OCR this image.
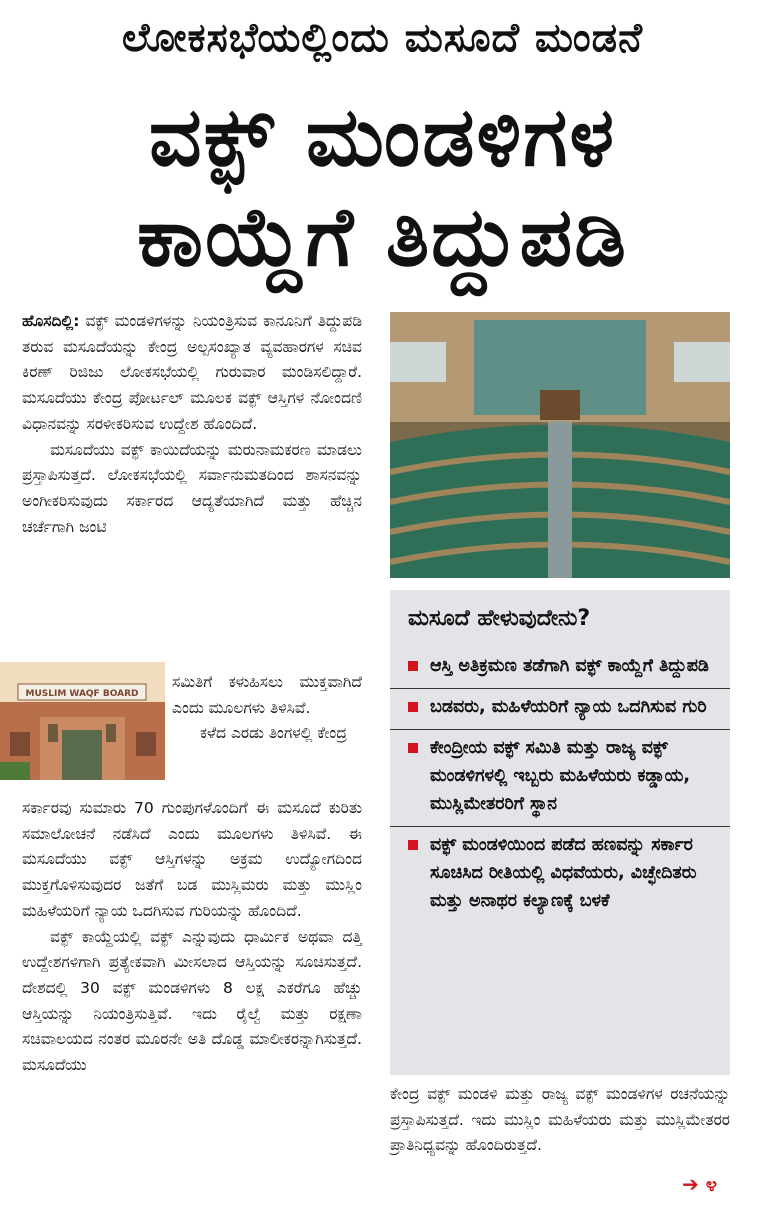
ಲೋಕಸಭೆಯಲ್ಲಿಂದು ಮಸೂದೆ ಮಂಡನೆ
ವಕ್ಫ್ ಮಂಡಳಿಗಳ
ಕಾಯ್ದೆಗೆ ತಿದ್ದುಪಡಿ

ಹೊಸದಿಲ್ಲಿ: ವಕ್ಫ್ ಮಂಡಳಿಗಳನ್ನು ನಿಯಂತ್ರಿಸುವ ಕಾನೂನಿಗೆ ತಿದ್ದುಪಡಿ ತರುವ ಮಸೂದೆಯನ್ನು ಕೇಂದ್ರ ಅಲ್ಪಸಂಖ್ಯಾತ ವ್ಯವಹಾರಗಳ ಸಚಿವ ಕಿರಣ್ ರಿಜಿಜು ಲೋಕಸಭೆಯಲ್ಲಿ ಗುರುವಾರ ಮಂಡಿಸಲಿದ್ದಾರೆ. ಮಸೂದೆಯು ಕೇಂದ್ರ ಪೋರ್ಟಲ್ ಮೂಲಕ ವಕ್ಫ್ ಆಸ್ತಿಗಳ ನೋಂದಣಿ ವಿಧಾನವನ್ನು ಸರಳೀಕರಿಸುವ ಉದ್ದೇಶ ಹೊಂದಿದೆ.

ಮಸೂದೆಯು ವಕ್ಫ್ ಕಾಯಿದೆಯನ್ನು ಮರುನಾಮಕರಣ ಮಾಡಲು ಪ್ರಸ್ತಾಪಿಸುತ್ತದೆ. ಲೋಕಸಭೆಯಲ್ಲಿ ಸರ್ವಾನುಮತದಿಂದ ಶಾಸನವನ್ನು ಅಂಗೀಕರಿಸುವುದು ಸರ್ಕಾರದ ಆದ್ಯತೆಯಾಗಿದೆ ಮತ್ತು ಹೆಚ್ಚಿನ ಚರ್ಚೆಗಾಗಿ ಜಂಟಿ

MUSLIM WAQF BOARD

ಸಮಿತಿಗೆ ಕಳುಹಿಸಲು ಮುಕ್ತವಾಗಿದೆ ಎಂದು ಮೂಲಗಳು ತಿಳಿಸಿವೆ.

ಕಳೆದ ಎರಡು ತಿಂಗಳಲ್ಲಿ ಕೇಂದ್ರ

ಸರ್ಕಾರವು ಸುಮಾರು 70 ಗುಂಪುಗಳೊಂದಿಗೆ ಈ ಮಸೂದೆ ಕುರಿತು ಸಮಾಲೋಚನೆ ನಡೆಸಿದೆ ಎಂದು ಮೂಲಗಳು ತಿಳಿಸಿವೆ. ಈ ಮಸೂದೆಯು ವಕ್ಫ್ ಆಸ್ತಿಗಳನ್ನು ಅಕ್ರಮ ಉದ್ಯೋಗದಿಂದ ಮುಕ್ತಗೊಳಿಸುವುದರ ಜತೆಗೆ ಬಡ ಮುಸ್ಲಿಮರು ಮತ್ತು ಮುಸ್ಲಿಂ ಮಹಿಳೆಯರಿಗೆ ನ್ಯಾಯ ಒದಗಿಸುವ ಗುರಿಯನ್ನು ಹೊಂದಿದೆ.

ವಕ್ಫ್ ಕಾಯ್ದೆಯಲ್ಲಿ ವಕ್ಫ್ ಎನ್ನುವುದು ಧಾರ್ಮಿಕ ಅಥವಾ ದತ್ತಿ ಉದ್ದೇಶಗಳಿಗಾಗಿ ಪ್ರತ್ಯೇಕವಾಗಿ ಮೀಸಲಾದ ಆಸ್ತಿಯನ್ನು ಸೂಚಿಸುತ್ತದೆ. ದೇಶದಲ್ಲಿ 30 ವಕ್ಫ್ ಮಂಡಳಿಗಳು 8 ಲಕ್ಷ ಎಕರೆಗೂ ಹೆಚ್ಚು ಆಸ್ತಿಯನ್ನು ನಿಯಂತ್ರಿಸುತ್ತಿವೆ. ಇದು ರೈಲ್ವೆ ಮತ್ತು ರಕ್ಷಣಾ ಸಚಿವಾಲಯದ ನಂತರ ಮೂರನೇ ಅತಿ ದೊಡ್ಡ ಮಾಲೀಕರನ್ನಾಗಿಸುತ್ತದೆ. ಮಸೂದೆಯು

ಮಸೂದೆ ಹೇಳುವುದೇನು?
ಆಸ್ತಿ ಅತಿಕ್ರಮಣ ತಡೆಗಾಗಿ ವಕ್ಫ್ ಕಾಯ್ದೆಗೆ ತಿದ್ದುಪಡಿ
ಬಡವರು, ಮಹಿಳೆಯರಿಗೆ ನ್ಯಾಯ ಒದಗಿಸುವ ಗುರಿ
ಕೇಂದ್ರೀಯ ವಕ್ಫ್ ಸಮಿತಿ ಮತ್ತು ರಾಜ್ಯ ವಕ್ಫ್ ಮಂಡಳಿಗಳಲ್ಲಿ ಇಬ್ಬರು ಮಹಿಳೆಯರು ಕಡ್ಡಾಯ, ಮುಸ್ಲಿಮೇತರರಿಗೆ ಸ್ಥಾನ
ವಕ್ಫ್ ಮಂಡಳಿಯಿಂದ ಪಡೆದ ಹಣವನ್ನು ಸರ್ಕಾರ ಸೂಚಿಸಿದ ರೀತಿಯಲ್ಲಿ ವಿಧವೆಯರು, ವಿಚ್ಛೇದಿತರು ಮತ್ತು ಅನಾಥರ ಕಲ್ಯಾಣಕ್ಕೆ ಬಳಕೆ

ಕೇಂದ್ರ ವಕ್ಫ್ ಮಂಡಳಿ ಮತ್ತು ರಾಜ್ಯ ವಕ್ಫ್ ಮಂಡಳಿಗಳ ರಚನೆಯನ್ನು ಪ್ರಸ್ತಾಪಿಸುತ್ತದೆ. ಇದು ಮುಸ್ಲಿಂ ಮಹಿಳೆಯರು ಮತ್ತು ಮುಸ್ಲಿಮೇತರರ ಪ್ರಾತಿನಿಧ್ಯವನ್ನು ಹೊಂದಿರುತ್ತದೆ.

➔ ೪
